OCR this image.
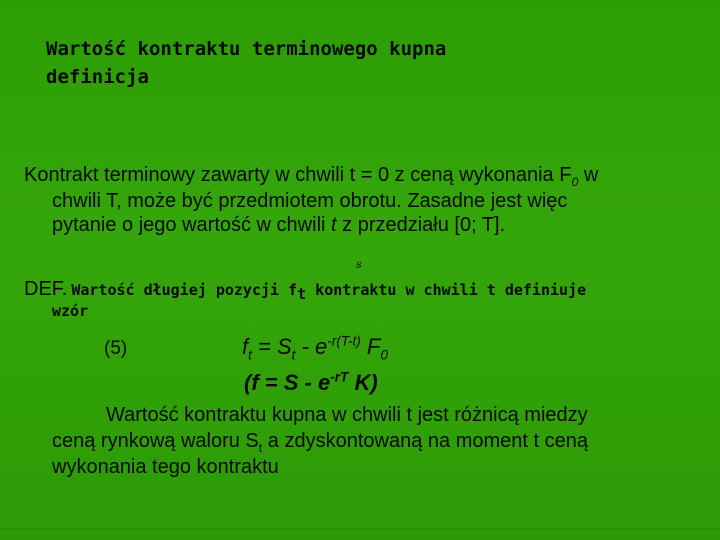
Wartość kontraktu terminowego kupna
definicja
Kontrakt terminowy zawarty w chwili t = 0 z ceną wykonania $F_0$ w
chwili T, może być przedmiotem obrotu. Zasadne jest więc
pytanie o jego wartość w chwili t z przedziału [0; T].
s
DEF. Wartość długiej pozycji $f_t$ kontraktu w chwili t definiuje
wzór
(5)	$f_t = S_t - e^{-r(T-t)}$ $F_0$
($f = S - e^{-rT}$ K)
Wartość kontraktu kupna w chwili t jest różnicą miedzy
ceną rynkową waloru $S_t$ a zdyskontowaną na moment t ceną
wykonania tego kontraktu
